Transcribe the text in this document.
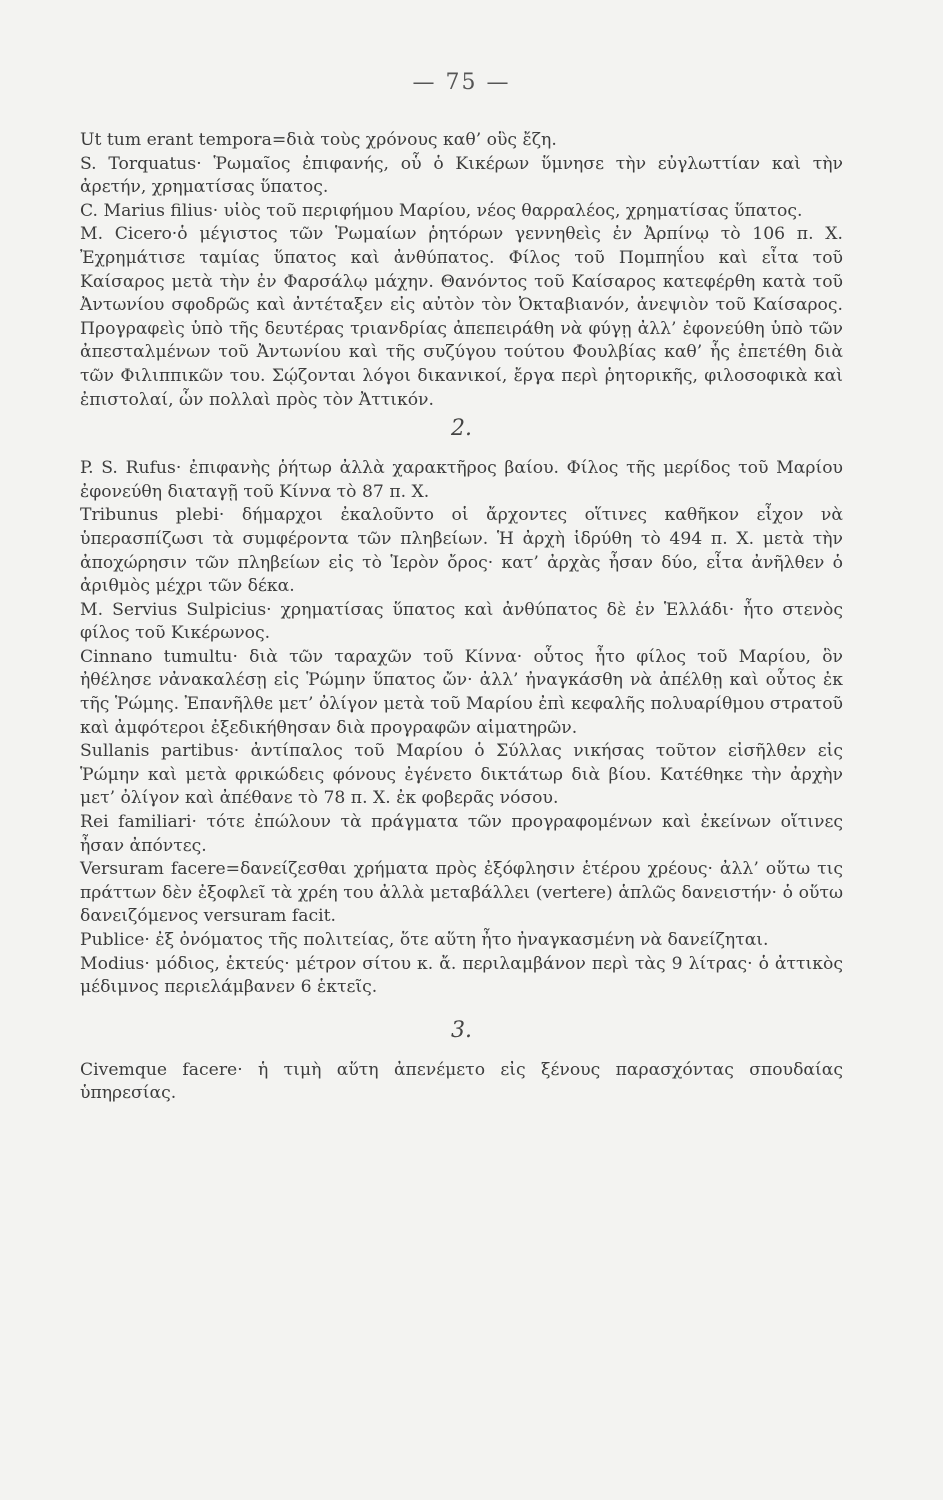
— 75 —

Ut tum erant tempora=διὰ τοὺς χρόνους καθ’ οὓς ἔζη.

S. Torquatus· Ῥωμαῖος ἐπιφανής, οὗ ὁ Κικέρων ὕμνησε τὴν εὐγλωττίαν καὶ τὴν ἀρετήν, χρηματίσας ὕπατος.

C. Marius filius· υἱὸς τοῦ περιφήμου Μαρίου, νέος θαρραλέος, χρηματίσας ὕπατος.

M. Cicero·ὁ μέγιστος τῶν Ῥωμαίων ῥητόρων γεννηθεὶς ἐν Ἀρπίνῳ τὸ 106 π. Χ. Ἐχρημάτισε ταμίας ὕπατος καὶ ἀνθύπατος. Φίλος τοῦ Πομπηΐου καὶ εἶτα τοῦ Καίσαρος μετὰ τὴν ἐν Φαρσάλῳ μάχην. Θανόντος τοῦ Καίσαρος κατεφέρθη κατὰ τοῦ Ἀντωνίου σφοδρῶς καὶ ἀντέταξεν εἰς αὐτὸν τὸν Ὀκταβιανόν, ἀνεψιὸν τοῦ Καίσαρος. Προγραφεὶς ὑπὸ τῆς δευτέρας τριανδρίας ἀπεπειράθη νὰ φύγῃ ἀλλ’ ἐφονεύθη ὑπὸ τῶν ἀπεσταλμένων τοῦ Ἀντωνίου καὶ τῆς συζύγου τούτου Φουλβίας καθ’ ἧς ἐπετέθη διὰ τῶν Φιλιππικῶν του. Σῴζονται λόγοι δικανικοί, ἔργα περὶ ῥητορικῆς, φιλοσοφικὰ καὶ ἐπιστολαί, ὧν πολλαὶ πρὸς τὸν Ἀττικόν.

2.

P. S. Rufus· ἐπιφανὴς ῥήτωρ ἀλλὰ χαρακτῆρος βαίου. Φίλος τῆς μερίδος τοῦ Μαρίου ἐφονεύθη διαταγῇ τοῦ Κίννα τὸ 87 π. Χ.

Tribunus plebi· δήμαρχοι ἐκαλοῦντο οἱ ἄρχοντες οἵτινες καθῆκον εἶχον νὰ ὑπερασπίζωσι τὰ συμφέροντα τῶν πληβείων. Ἡ ἀρχὴ ἱδρύθη τὸ 494 π. Χ. μετὰ τὴν ἀποχώρησιν τῶν πληβείων εἰς τὸ Ἱερὸν ὄρος· κατ’ ἀρχὰς ἦσαν δύο, εἶτα ἀνῆλθεν ὁ ἀριθμὸς μέχρι τῶν δέκα.

M. Servius Sulpicius· χρηματίσας ὕπατος καὶ ἀνθύπατος δὲ ἐν Ἑλλάδι· ἦτο στενὸς φίλος τοῦ Κικέρωνος.

Cinnano tumultu· διὰ τῶν ταραχῶν τοῦ Κίννα· οὗτος ἦτο φίλος τοῦ Μαρίου, ὃν ἠθέλησε νἀνακαλέσῃ εἰς Ῥώμην ὕπατος ὤν· ἀλλ’ ἠναγκάσθη νὰ ἀπέλθῃ καὶ οὗτος ἐκ τῆς Ῥώμης. Ἐπανῆλθε μετ’ ὀλίγον μετὰ τοῦ Μαρίου ἐπὶ κεφαλῆς πολυαρίθμου στρατοῦ καὶ ἀμφότεροι ἐξεδικήθησαν διὰ προγραφῶν αἱματηρῶν.

Sullanis partibus· ἀντίπαλος τοῦ Μαρίου ὁ Σύλλας νικήσας τοῦτον εἰσῆλθεν εἰς Ῥώμην καὶ μετὰ φρικώδεις φόνους ἐγένετο δικτάτωρ διὰ βίου. Κατέθηκε τὴν ἀρχὴν μετ’ ὀλίγον καὶ ἀπέθανε τὸ 78 π. Χ. ἐκ φοβερᾶς νόσου.

Rei familiari· τότε ἐπώλουν τὰ πράγματα τῶν προγραφομένων καὶ ἐκείνων οἵτινες ἦσαν ἀπόντες.

Versuram facere=δανείζεσθαι χρήματα πρὸς ἐξόφλησιν ἑτέρου χρέους· ἀλλ’ οὕτω τις πράττων δὲν ἐξοφλεῖ τὰ χρέη του ἀλλὰ μεταβάλλει (vertere) ἁπλῶς δανειστήν· ὁ οὕτω δανειζόμενος versuram facit.

Publice· ἐξ ὀνόματος τῆς πολιτείας, ὅτε αὕτη ἦτο ἠναγκασμένη νὰ δανείζηται.

Modius· μόδιος, ἑκτεύς· μέτρον σίτου κ. ἄ. περιλαμβάνον περὶ τὰς 9 λίτρας· ὁ ἀττικὸς μέδιμνος περιελάμβανεν 6 ἑκτεῖς.

3.

Civemque facere· ἡ τιμὴ αὕτη ἀπενέμετο εἰς ξένους παρασχόντας σπουδαίας ὑπηρεσίας.
